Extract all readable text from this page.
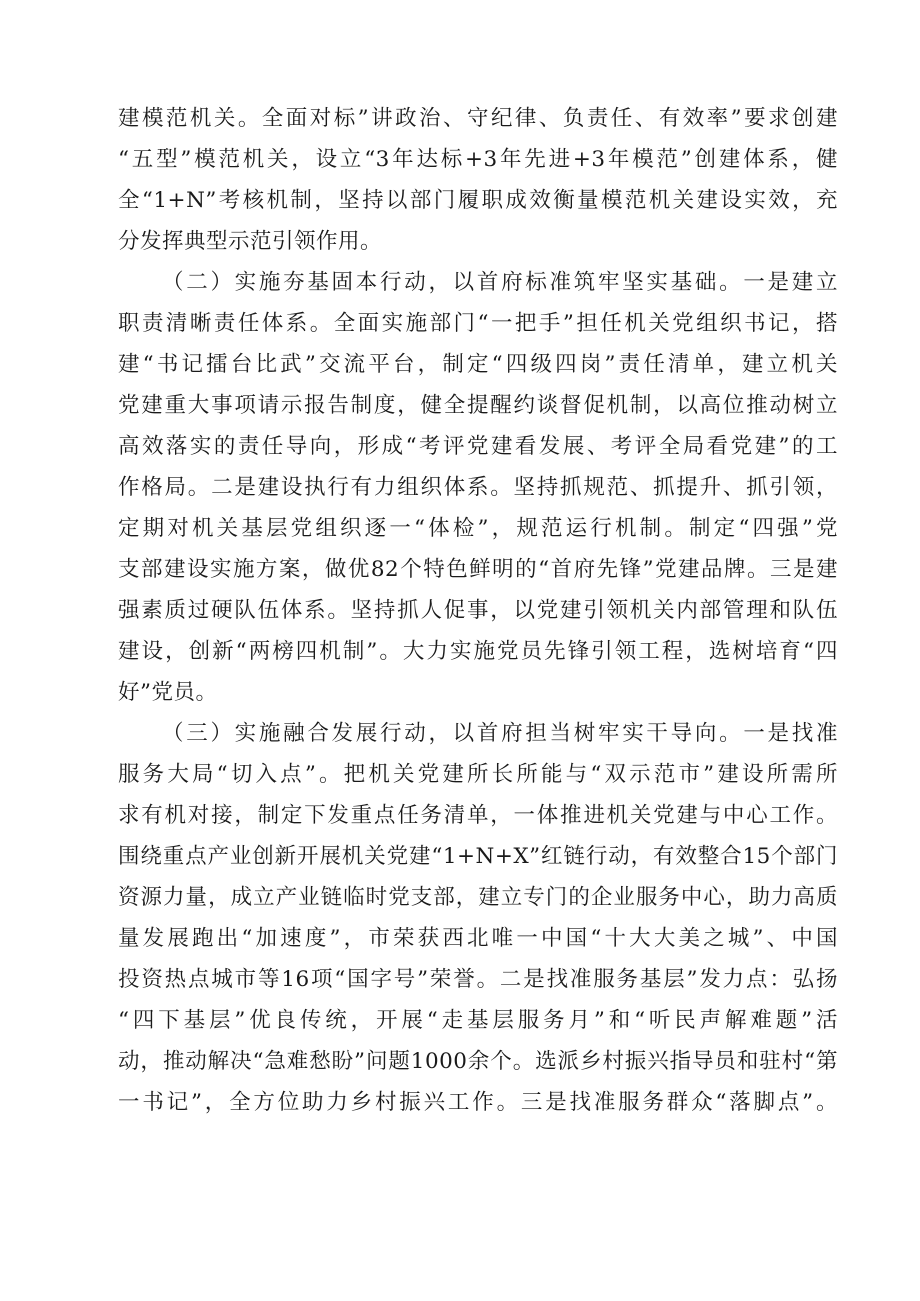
建模范机关。全面对标”讲政治、守纪律、负责任、有效率”要求创建
“五型”模范机关，设立“3年达标+3年先进+3年模范”创建体系，健
全“1+N”考核机制，坚持以部门履职成效衡量模范机关建设实效，充
分发挥典型示范引领作用。
（二）实施夯基固本行动，以首府标准筑牢坚实基础。一是建立
职责清晰责任体系。全面实施部门“一把手”担任机关党组织书记，搭
建“书记擂台比武”交流平台，制定“四级四岗”责任清单，建立机关
党建重大事项请示报告制度，健全提醒约谈督促机制，以高位推动树立
高效落实的责任导向，形成“考评党建看发展、考评全局看党建”的工
作格局。二是建设执行有力组织体系。坚持抓规范、抓提升、抓引领，
定期对机关基层党组织逐一“体检”，规范运行机制。制定“四强”党
支部建设实施方案，做优82个特色鲜明的“首府先锋”党建品牌。三是建
强素质过硬队伍体系。坚持抓人促事，以党建引领机关内部管理和队伍
建设，创新“两榜四机制”。大力实施党员先锋引领工程，选树培育“四
好”党员。
（三）实施融合发展行动，以首府担当树牢实干导向。一是找准
服务大局“切入点”。把机关党建所长所能与“双示范市”建设所需所
求有机对接，制定下发重点任务清单，一体推进机关党建与中心工作。
围绕重点产业创新开展机关党建“1+N+X”红链行动，有效整合15个部门
资源力量，成立产业链临时党支部，建立专门的企业服务中心，助力高质
量发展跑出“加速度”，市荣获西北唯一中国“十大大美之城”、中国
投资热点城市等16项“国字号”荣誉。二是找准服务基层”发力点：弘扬
“四下基层”优良传统，开展“走基层服务月”和“听民声解难题”活
动，推动解决“急难愁盼”问题1000余个。选派乡村振兴指导员和驻村“第
一书记”，全方位助力乡村振兴工作。三是找准服务群众“落脚点”。
